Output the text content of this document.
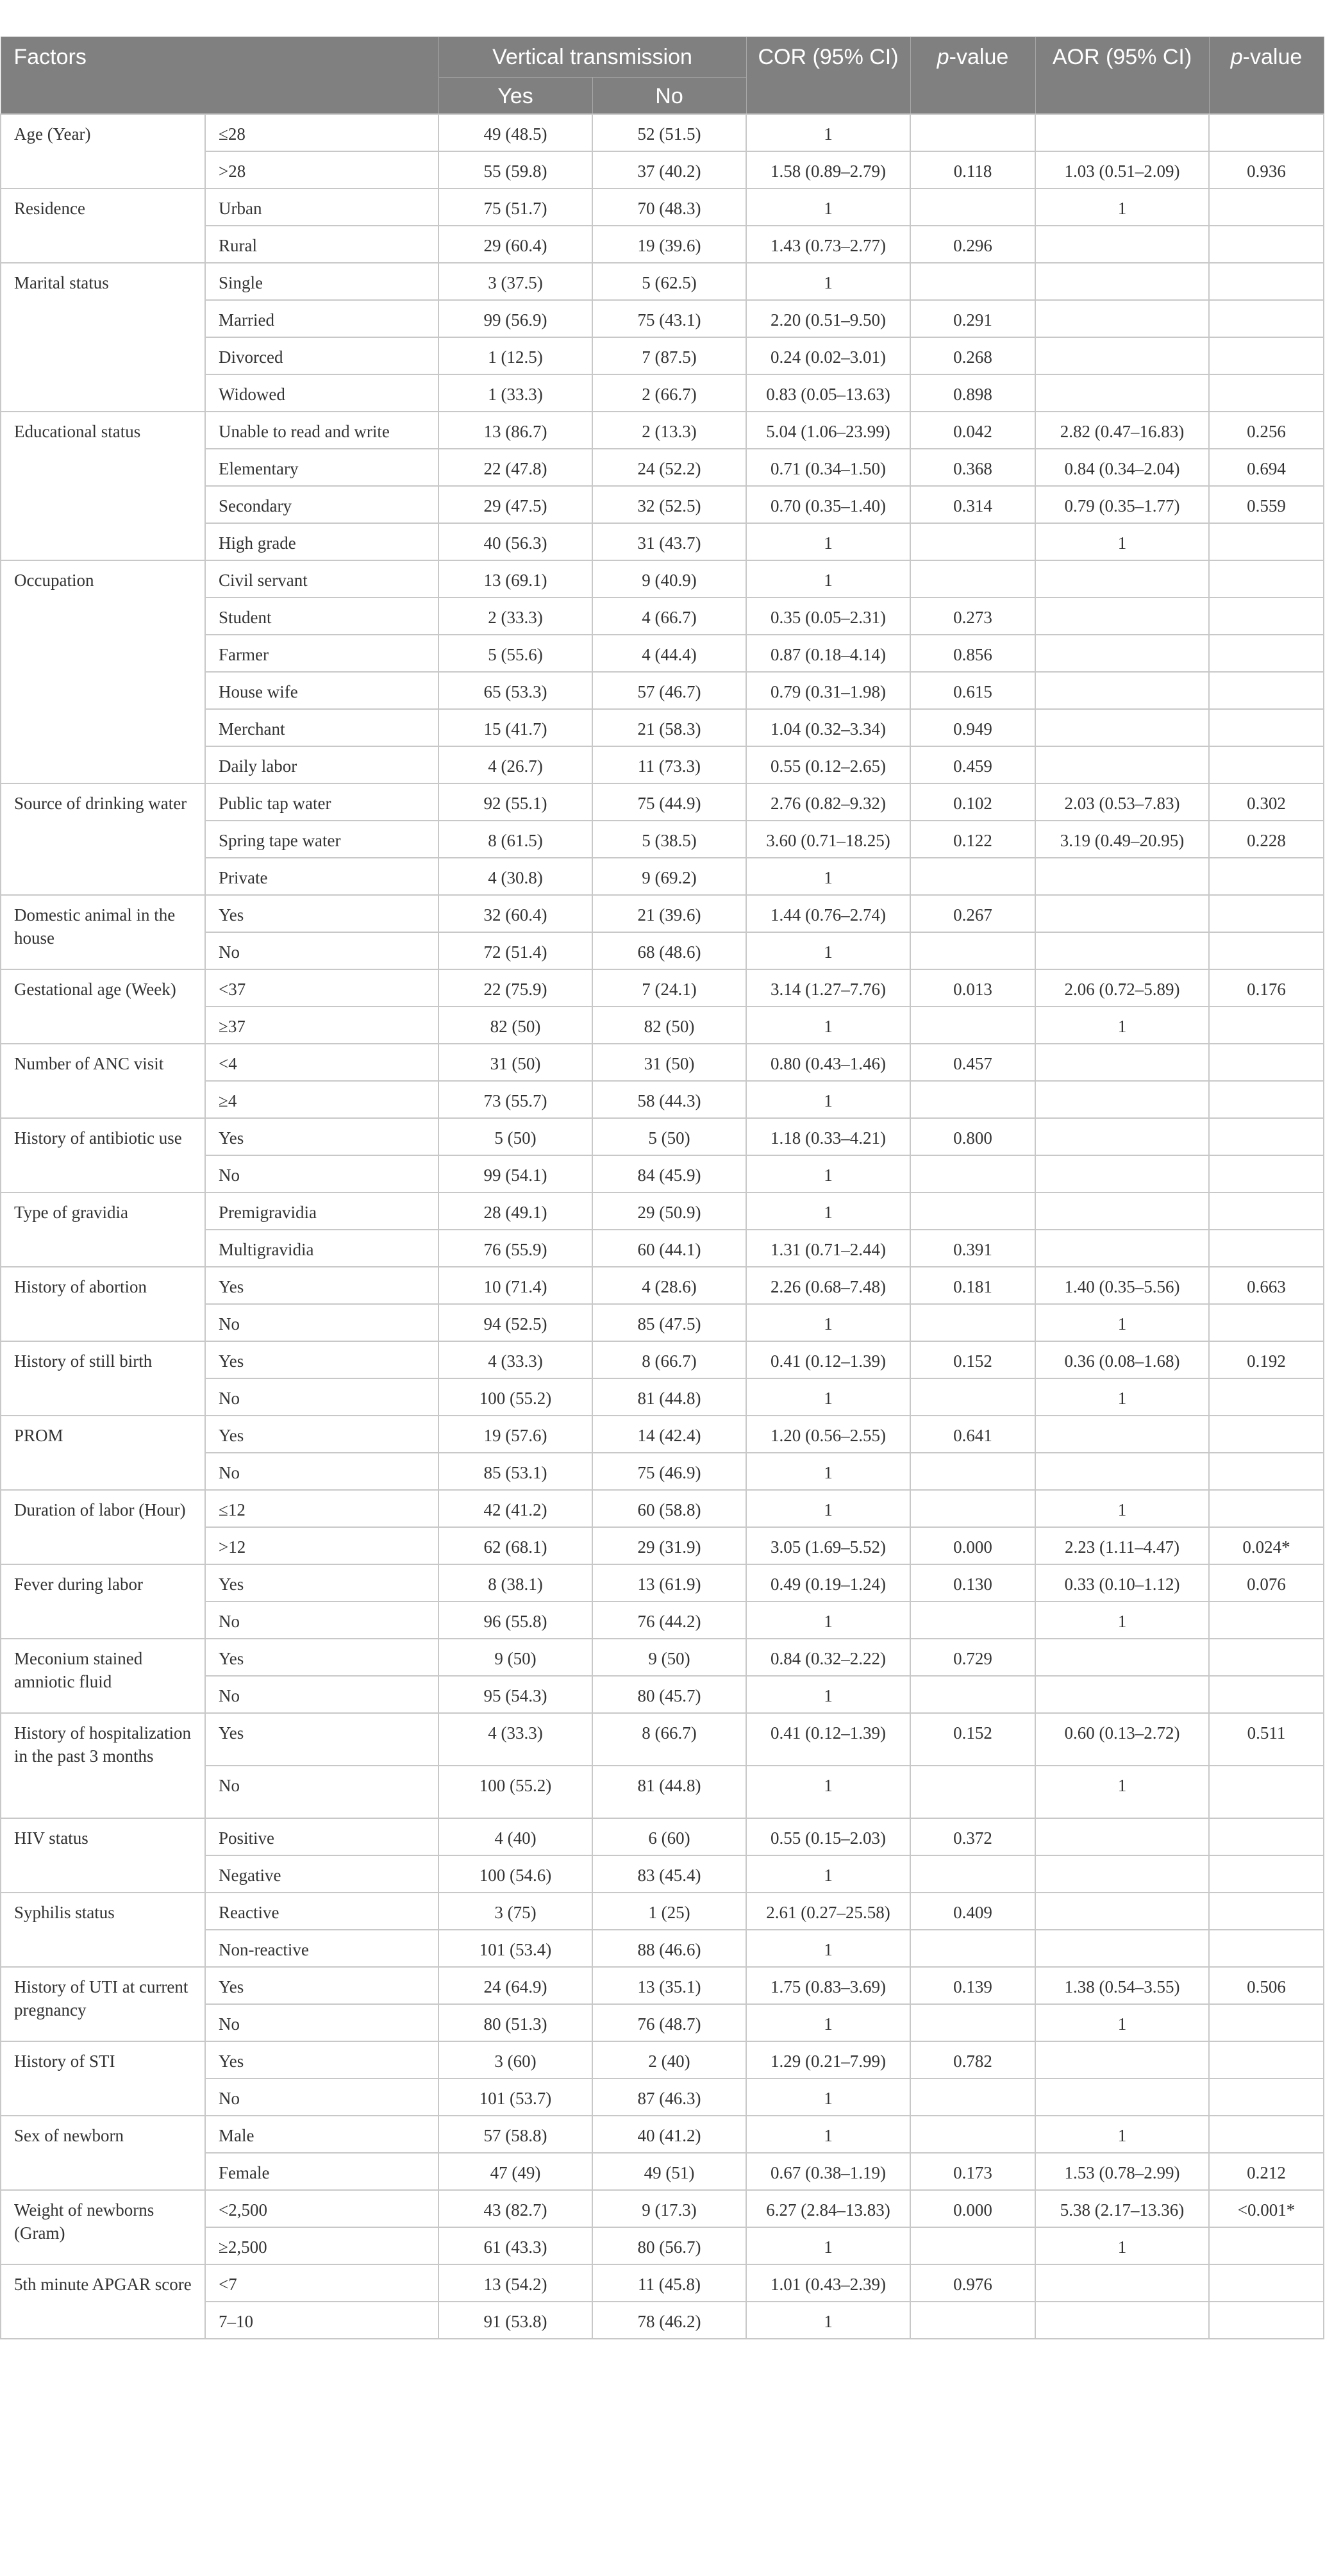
Factors		Vertical transmission		COR (95% CI)	p-value	AOR (95% CI)	p-value
		Yes	No				
Age (Year)	≤28	49 (48.5)	52 (51.5)	1			
	>28	55 (59.8)	37 (40.2)	1.58 (0.89–2.79)	0.118	1.03 (0.51–2.09)	0.936
Residence	Urban	75 (51.7)	70 (48.3)	1		1	
	Rural	29 (60.4)	19 (39.6)	1.43 (0.73–2.77)	0.296		
Marital status	Single	3 (37.5)	5 (62.5)	1			
	Married	99 (56.9)	75 (43.1)	2.20 (0.51–9.50)	0.291		
	Divorced	1 (12.5)	7 (87.5)	0.24 (0.02–3.01)	0.268		
	Widowed	1 (33.3)	2 (66.7)	0.83 (0.05–13.63)	0.898		
Educational status	Unable to read and write	13 (86.7)	2 (13.3)	5.04 (1.06–23.99)	0.042	2.82 (0.47–16.83)	0.256
	Elementary	22 (47.8)	24 (52.2)	0.71 (0.34–1.50)	0.368	0.84 (0.34–2.04)	0.694
	Secondary	29 (47.5)	32 (52.5)	0.70 (0.35–1.40)	0.314	0.79 (0.35–1.77)	0.559
	High grade	40 (56.3)	31 (43.7)	1		1	
Occupation	Civil servant	13 (69.1)	9 (40.9)	1			
	Student	2 (33.3)	4 (66.7)	0.35 (0.05–2.31)	0.273		
	Farmer	5 (55.6)	4 (44.4)	0.87 (0.18–4.14)	0.856		
	House wife	65 (53.3)	57 (46.7)	0.79 (0.31–1.98)	0.615		
	Merchant	15 (41.7)	21 (58.3)	1.04 (0.32–3.34)	0.949		
	Daily labor	4 (26.7)	11 (73.3)	0.55 (0.12–2.65)	0.459		
Source of drinking water	Public tap water	92 (55.1)	75 (44.9)	2.76 (0.82–9.32)	0.102	2.03 (0.53–7.83)	0.302
	Spring tape water	8 (61.5)	5 (38.5)	3.60 (0.71–18.25)	0.122	3.19 (0.49–20.95)	0.228
	Private	4 (30.8)	9 (69.2)	1			
Domestic animal in the house	Yes	32 (60.4)	21 (39.6)	1.44 (0.76–2.74)	0.267		
	No	72 (51.4)	68 (48.6)	1			
Gestational age (Week)	<37	22 (75.9)	7 (24.1)	3.14 (1.27–7.76)	0.013	2.06 (0.72–5.89)	0.176
	≥37	82 (50)	82 (50)	1		1	
Number of ANC visit	<4	31 (50)	31 (50)	0.80 (0.43–1.46)	0.457		
	≥4	73 (55.7)	58 (44.3)	1			
History of antibiotic use	Yes	5 (50)	5 (50)	1.18 (0.33–4.21)	0.800		
	No	99 (54.1)	84 (45.9)	1			
Type of gravidia	Premigravidia	28 (49.1)	29 (50.9)	1			
	Multigravidia	76 (55.9)	60 (44.1)	1.31 (0.71–2.44)	0.391		
History of abortion	Yes	10 (71.4)	4 (28.6)	2.26 (0.68–7.48)	0.181	1.40 (0.35–5.56)	0.663
	No	94 (52.5)	85 (47.5)	1		1	
History of still birth	Yes	4 (33.3)	8 (66.7)	0.41 (0.12–1.39)	0.152	0.36 (0.08–1.68)	0.192
	No	100 (55.2)	81 (44.8)	1		1	
PROM	Yes	19 (57.6)	14 (42.4)	1.20 (0.56–2.55)	0.641		
	No	85 (53.1)	75 (46.9)	1			
Duration of labor (Hour)	≤12	42 (41.2)	60 (58.8)	1		1	
	>12	62 (68.1)	29 (31.9)	3.05 (1.69–5.52)	0.000	2.23 (1.11–4.47)	0.024*
Fever during labor	Yes	8 (38.1)	13 (61.9)	0.49 (0.19–1.24)	0.130	0.33 (0.10–1.12)	0.076
	No	96 (55.8)	76 (44.2)	1		1	
Meconium stained amniotic fluid	Yes	9 (50)	9 (50)	0.84 (0.32–2.22)	0.729		
	No	95 (54.3)	80 (45.7)	1			
History of hospitalization in the past 3 months	Yes	4 (33.3)	8 (66.7)	0.41 (0.12–1.39)	0.152	0.60 (0.13–2.72)	0.511
	No	100 (55.2)	81 (44.8)	1		1	
HIV status	Positive	4 (40)	6 (60)	0.55 (0.15–2.03)	0.372		
	Negative	100 (54.6)	83 (45.4)	1			
Syphilis status	Reactive	3 (75)	1 (25)	2.61 (0.27–25.58)	0.409		
	Non-reactive	101 (53.4)	88 (46.6)	1			
History of UTI at current pregnancy	Yes	24 (64.9)	13 (35.1)	1.75 (0.83–3.69)	0.139	1.38 (0.54–3.55)	0.506
	No	80 (51.3)	76 (48.7)	1		1	
History of STI	Yes	3 (60)	2 (40)	1.29 (0.21–7.99)	0.782		
	No	101 (53.7)	87 (46.3)	1			
Sex of newborn	Male	57 (58.8)	40 (41.2)	1		1	
	Female	47 (49)	49 (51)	0.67 (0.38–1.19)	0.173	1.53 (0.78–2.99)	0.212
Weight of newborns (Gram)	<2,500	43 (82.7)	9 (17.3)	6.27 (2.84–13.83)	0.000	5.38 (2.17–13.36)	<0.001*
	≥2,500	61 (43.3)	80 (56.7)	1		1	
5th minute APGAR score	<7	13 (54.2)	11 (45.8)	1.01 (0.43–2.39)	0.976		
	7–10	91 (53.8)	78 (46.2)	1			
